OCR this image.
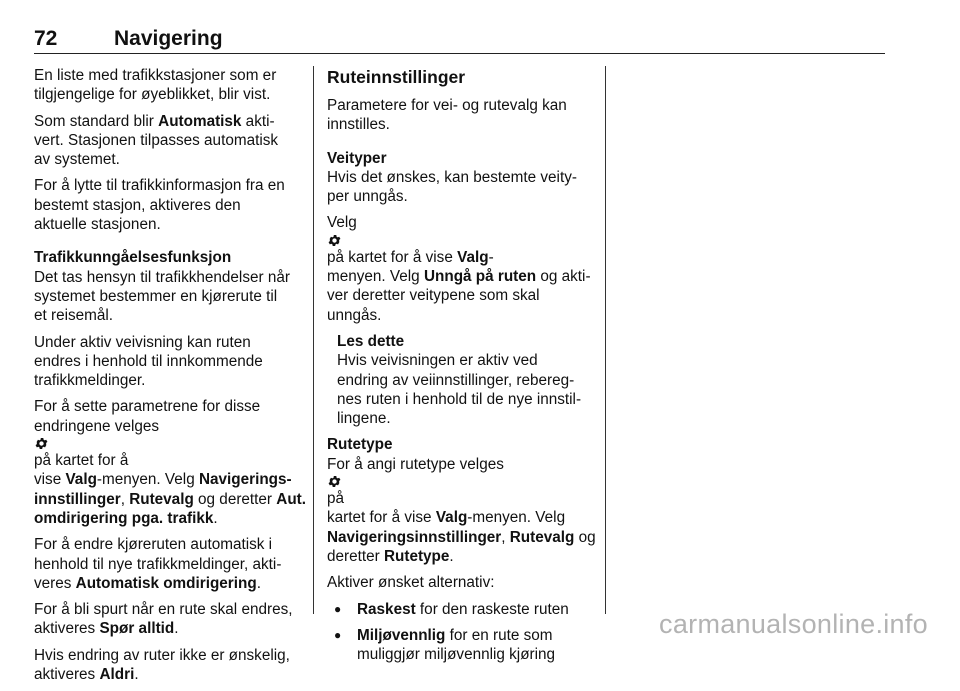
72	Navigering

En liste med trafikkstasjoner som er
tilgjengelige for øyeblikket, blir vist.

Som standard blir Automatisk akti-
vert. Stasjonen tilpasses automatisk
av systemet.

For å lytte til trafikkinformasjon fra en
bestemt stasjon, aktiveres den
aktuelle stasjonen.

Trafikkunngåelsesfunksjon
Det tas hensyn til trafikkhendelser når
systemet bestemmer en kjørerute til
et reisemål.

Under aktiv veivisning kan ruten
endres i henhold til innkommende
trafikkmeldinger.

For å sette parametrene for disse
endringene velges
på kartet for å
vise Valg-menyen. Velg Navigerings-
innstillinger, Rutevalg og deretter Aut.
omdirigering pga. trafikk.

For å endre kjøreruten automatisk i
henhold til nye trafikkmeldinger, akti-
veres Automatisk omdirigering.

For å bli spurt når en rute skal endres,
aktiveres Spør alltid.

Hvis endring av ruter ikke er ønskelig,
aktiveres Aldri.

Ruteinnstillinger

Parametere for vei- og rutevalg kan
innstilles.

Veityper
Hvis det ønskes, kan bestemte veity-
per unngås.

Velg
på kartet for å vise Valg-
menyen. Velg Unngå på ruten og akti-
ver deretter veitypene som skal
unngås.

Les dette
Hvis veivisningen er aktiv ved
endring av veiinnstillinger, rebereg-
nes ruten i henhold til de nye innstil-
lingene.

Rutetype
For å angi rutetype velges
på
kartet for å vise Valg-menyen. Velg
Navigeringsinnstillinger, Rutevalg og
deretter Rutetype.

Aktiver ønsket alternativ:

● Raskest for den raskeste ruten
● Miljøvennlig for en rute som
muliggjør miljøvennlig kjøring
carmanualsonline.info
